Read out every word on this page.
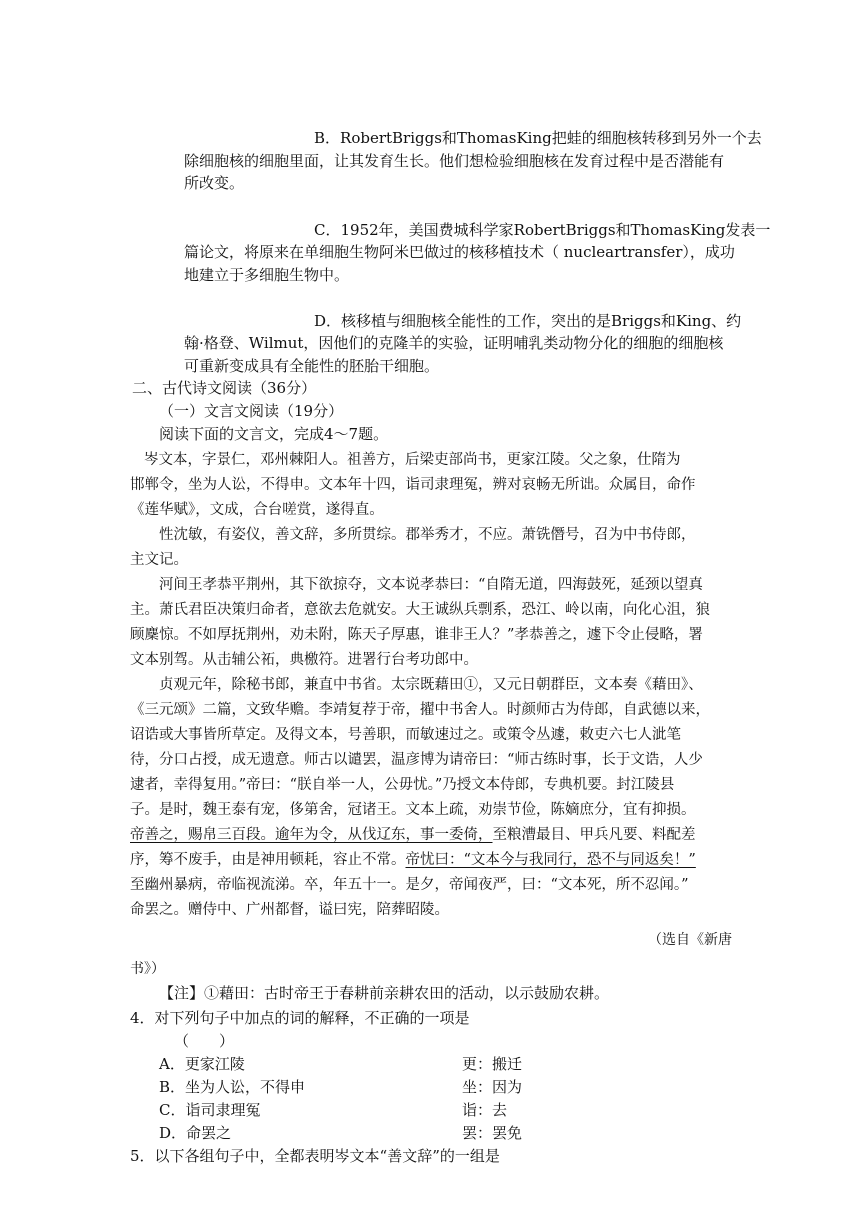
B．RobertBriggs和ThomasKing把蛙的细胞核转移到另外一个去
除细胞核的细胞里面，让其发育生长。他们想检验细胞核在发育过程中是否潜能有
所改变。
C．1952年，美国费城科学家RobertBriggs和ThomasKing发表一
篇论文，将原来在单细胞生物阿米巴做过的核移植技术（ nucleartransfer），成功
地建立于多细胞生物中。
D．核移植与细胞核全能性的工作，突出的是Briggs和King、约
翰·格登、Wilmut，因他们的克隆羊的实验，证明哺乳类动物分化的细胞的细胞核
可重新变成具有全能性的胚胎干细胞。
二、古代诗文阅读（36分）
（一）文言文阅读（19分）
阅读下面的文言文，完成4～7题。
岑文本，字景仁，邓州棘阳人。祖善方，后梁吏部尚书，更家江陵。父之象，仕隋为
邯郸令，坐为人讼，不得申。文本年十四，诣司隶理冤，辨对哀畅无所诎。众属目，命作
《莲华赋》，文成，合台嗟赏，遂得直。
性沈敏，有姿仪，善文辞，多所贯综。郡举秀才，不应。萧铣僭号，召为中书侍郎，
主文记。
河间王孝恭平荆州，其下欲掠夺，文本说孝恭曰：“自隋无道，四海鼓死，延颈以望真
主。萧氏君臣决策归命者，意欲去危就安。大王诚纵兵剽系，恐江、岭以南，向化心沮，狼
顾麇惊。不如厚抚荆州，劝未附，陈天子厚惠，谁非王人？”孝恭善之，遽下令止侵略，署
文本别驾。从击辅公祏，典檄符。进署行台考功郎中。
贞观元年，除秘书郎，兼直中书省。太宗既藉田①，又元日朝群臣，文本奏《藉田》、
《三元颂》二篇，文致华赡。李靖复荐于帝，擢中书舍人。时颜师古为侍郎，自武德以来，
诏诰或大事皆所草定。及得文本，号善职，而敏速过之。或策令丛遽，敕吏六七人泚笔
待，分口占授，成无遗意。师古以谴罢，温彦博为请帝曰：“师古练时事，长于文诰，人少
逮者，幸得复用。”帝曰：“朕自举一人，公毋忧。”乃授文本侍郎，专典机要。封江陵县
子。是时，魏王泰有宠，侈第舍，冠诸王。文本上疏，劝崇节俭，陈嫡庶分，宜有抑损。
帝善之，赐帛三百段。逾年为令，从伐辽东，事一委倚，至粮漕最目、甲兵凡要、料配差
序，筹不废手，由是神用顿耗，容止不常。帝忧曰：“文本今与我同行，恐不与同返矣！”
至幽州暴病，帝临视流涕。卒，年五十一。是夕，帝闻夜严，曰：“文本死，所不忍闻。”
命罢之。赠侍中、广州都督，谥曰宪，陪葬昭陵。
（选自《新唐
书》）
【注】①藉田：古时帝王于春耕前亲耕农田的活动，以示鼓励农耕。
4．对下列句子中加点的词的解释，不正确的一项是
（　　）
A．更家江陵	更：搬迁
B．坐为人讼，不得申	坐：因为
C．诣司隶理冤	诣：去
D．命罢之	罢：罢免
5．以下各组句子中，全都表明岑文本“善文辞”的一组是
